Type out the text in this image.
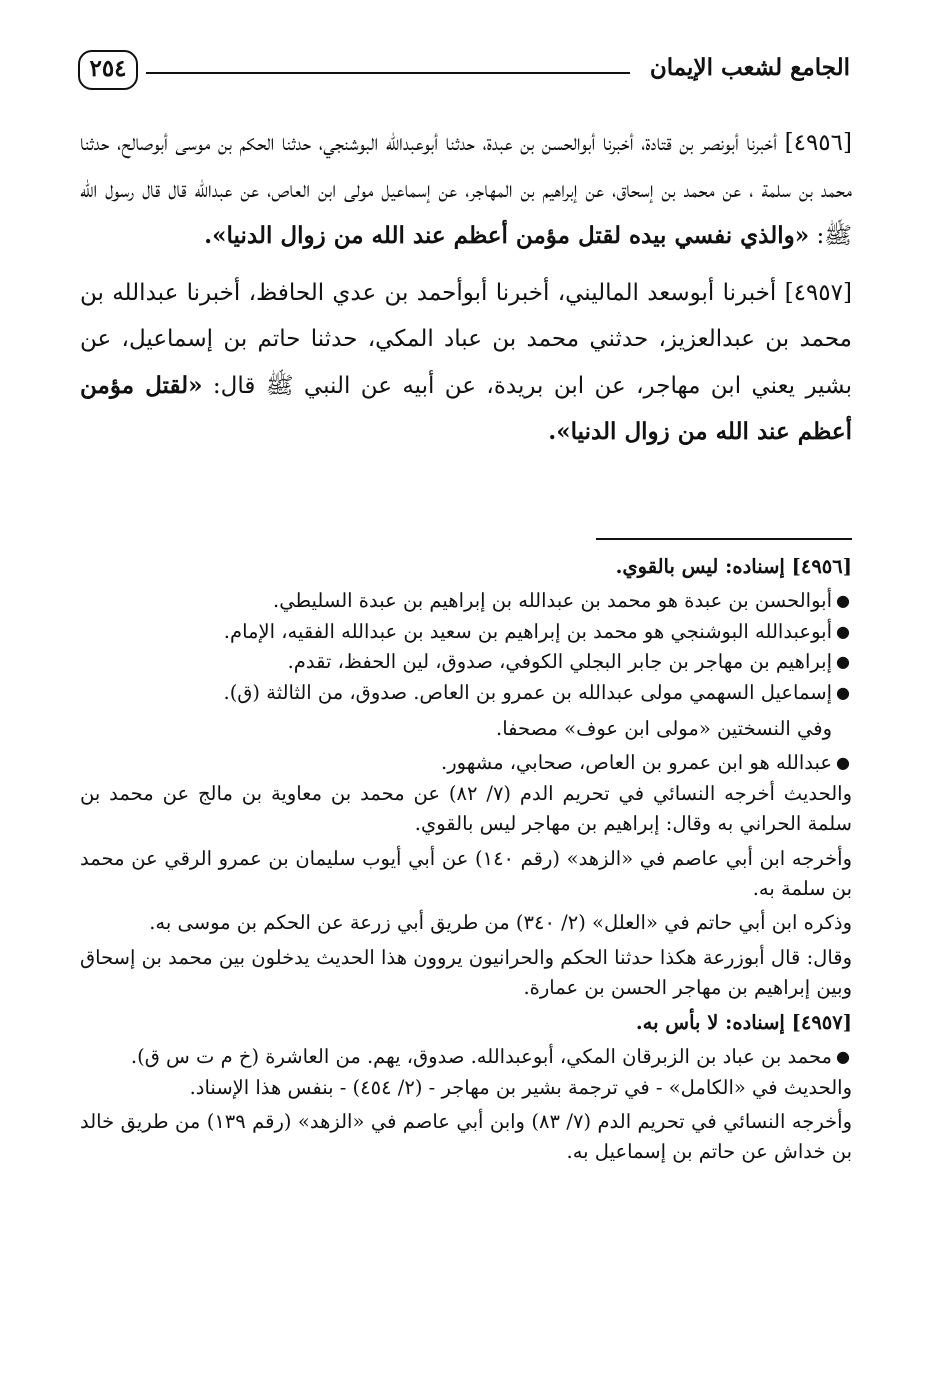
الجامع لشعب الإيمان
٢٥٤

[٤٩٥٦] أخبرنا أبونصر بن قتادة، أخبرنا أبوالحسن بن عبدة، حدثنا أبوعبدالله البوشنجي، حدثنا الحكم بن موسى أبوصالح، حدثنا محمد بن سلمة ، عن محمد بن إسحاق، عن إبراهيم بن المهاجر، عن إسماعيل مولى ابن العاص، عن عبدالله قال قال رسول الله ﷺ: «والذي نفسي بيده لقتل مؤمن أعظم عند الله من زوال الدنيا».

[٤٩٥٧] أخبرنا أبوسعد الماليني، أخبرنا أبوأحمد بن عدي الحافظ، أخبرنا عبدالله بن محمد بن عبدالعزيز، حدثني محمد بن عباد المكي، حدثنا حاتم بن إسماعيل، عن بشير يعني ابن مهاجر، عن ابن بريدة، عن أبيه عن النبي ﷺ قال: «لقتل مؤمن أعظم عند الله من زوال الدنيا».

[٤٩٥٦] إسناده: ليس بالقوي.

●
أبوالحسن بن عبدة هو محمد بن عبدالله بن إبراهيم بن عبدة السليطي.

●
أبوعبدالله البوشنجي هو محمد بن إبراهيم بن سعيد بن عبدالله الفقيه، الإمام.

●
إبراهيم بن مهاجر بن جابر البجلي الكوفي، صدوق، لين الحفظ، تقدم.

●
إسماعيل السهمي مولى عبدالله بن عمرو بن العاص. صدوق، من الثالثة (ق).

وفي النسختين «مولى ابن عوف» مصحفا.

●
عبدالله هو ابن عمرو بن العاص، صحابي، مشهور.

والحديث أخرجه النسائي في تحريم الدم (٧/ ٨٢) عن محمد بن معاوية بن مالج عن محمد بن سلمة الحراني به وقال: إبراهيم بن مهاجر ليس بالقوي.

وأخرجه ابن أبي عاصم في «الزهد» (رقم ١٤٠) عن أبي أيوب سليمان بن عمرو الرقي عن محمد بن سلمة به.

وذكره ابن أبي حاتم في «العلل» (٢/ ٣٤٠) من طريق أبي زرعة عن الحكم بن موسى به.

وقال: قال أبوزرعة هكذا حدثنا الحكم والحرانيون يروون هذا الحديث يدخلون بين محمد بن إسحاق وبين إبراهيم بن مهاجر الحسن بن عمارة.

[٤٩٥٧] إسناده: لا بأس به.

●
محمد بن عباد بن الزبرقان المكي، أبوعبدالله. صدوق، يهم. من العاشرة (خ م ت س ق).

والحديث في «الكامل» - في ترجمة بشير بن مهاجر - (٢/ ٤٥٤) - بنفس هذا الإسناد.

وأخرجه النسائي في تحريم الدم (٧/ ٨٣) وابن أبي عاصم في «الزهد» (رقم ١٣٩) من طريق خالد بن خداش عن حاتم بن إسماعيل به.
